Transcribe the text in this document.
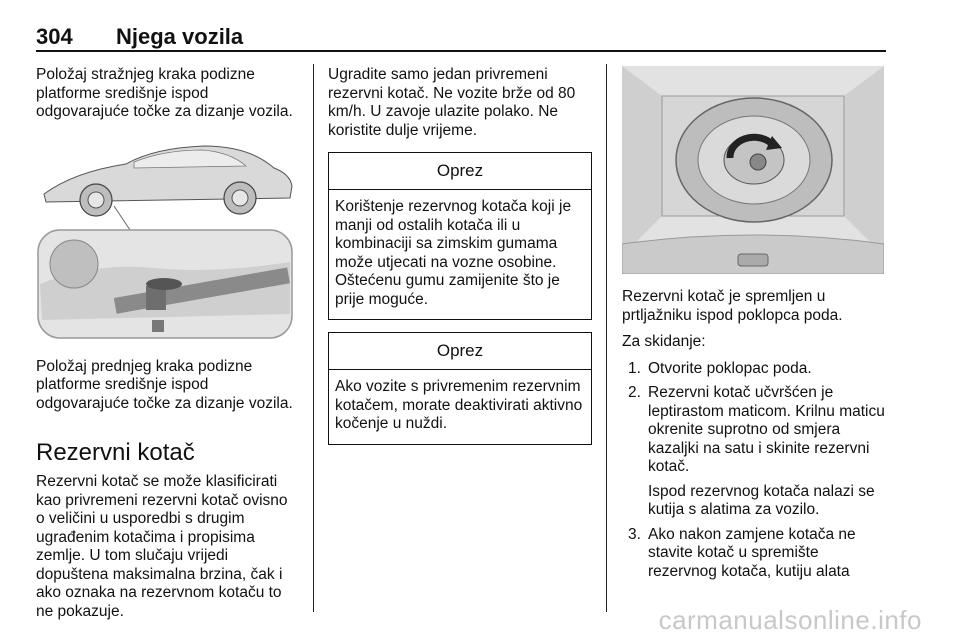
304 Njega vozila

Položaj stražnjeg kraka podizne platforme središnje ispod odgovarajuće točke za dizanje vozila.

Položaj prednjeg kraka podizne platforme središnje ispod odgovarajuće točke za dizanje vozila.

Rezervni kotač

Rezervni kotač se može klasificirati kao privremeni rezervni kotač ovisno o veličini u usporedbi s drugim ugrađenim kotačima i propisima zemlje. U tom slučaju vrijedi dopuštena maksimalna brzina, čak i ako oznaka na rezervnom kotaču to ne pokazuje.

Ugradite samo jedan privremeni rezervni kotač. Ne vozite brže od 80 km/h. U zavoje ulazite polako. Ne koristite dulje vrijeme.

Oprez
Korištenje rezervnog kotača koji je manji od ostalih kotača ili u kombinaciji sa zimskim gumama može utjecati na vozne osobine. Oštećenu gumu zamijenite što je prije moguće.
Oprez
Ako vozite s privremenim rezervnim kotačem, morate deaktivirati aktivno kočenje u nuždi.

Rezervni kotač je spremljen u prtljažniku ispod poklopca poda.

Za skidanje:

1. Otvorite poklopac poda.
2. Rezervni kotač učvršćen je leptirastom maticom. Krilnu maticu okrenite suprotno od smjera kazaljki na satu i skinite rezervni kotač.
Ispod rezervnog kotača nalazi se kutija s alatima za vozilo.
3. Ako nakon zamjene kotača ne stavite kotač u spremište rezervnog kotača, kutiju alata
carmanualsonline.info
